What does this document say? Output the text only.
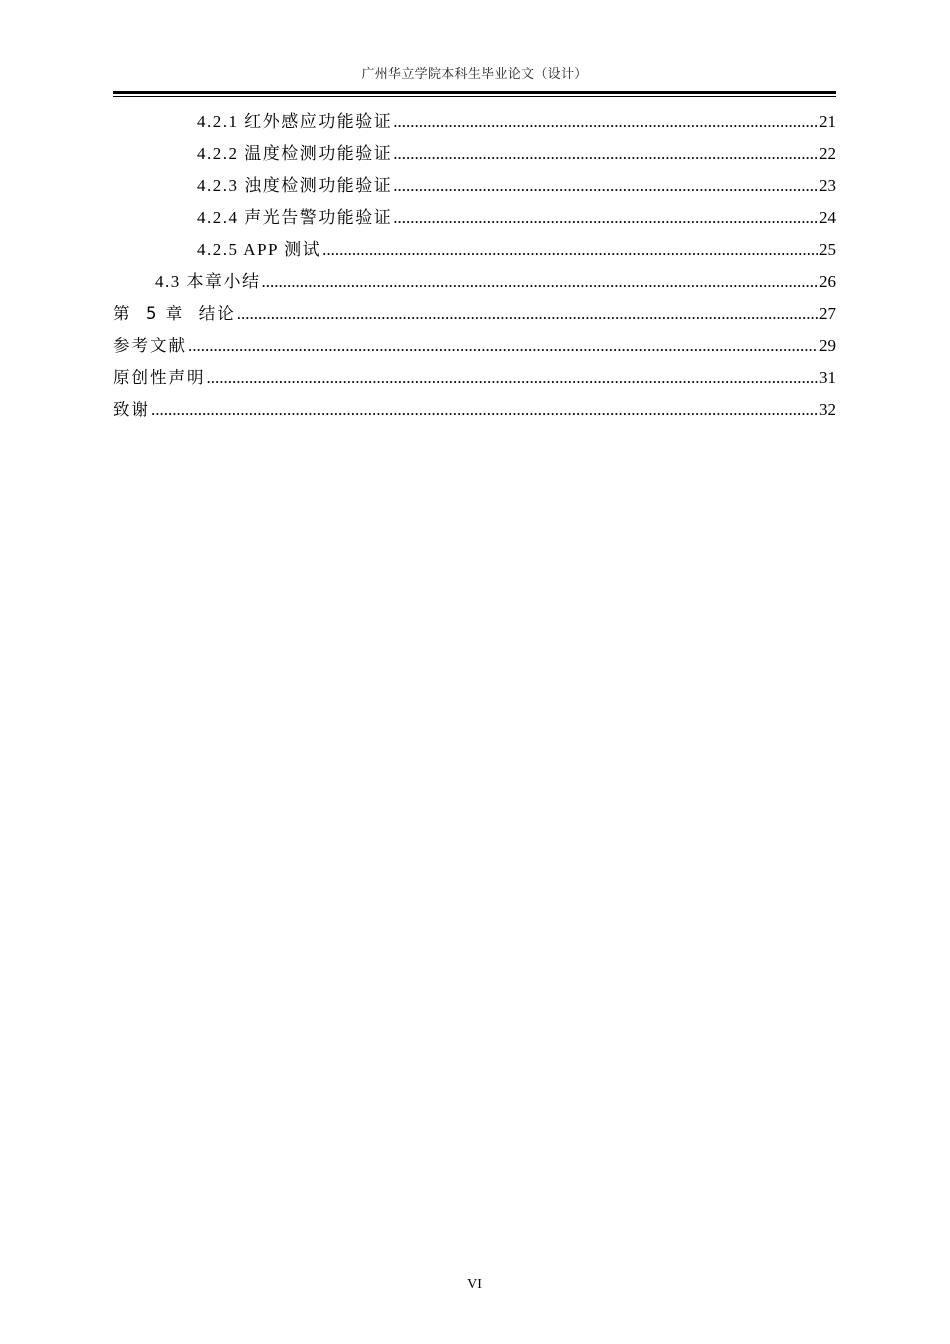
广州华立学院本科生毕业论文（设计）
4.2.1 红外感应功能验证 .....	21
4.2.2 温度检测功能验证 .....	22
4.2.3 浊度检测功能验证 .....	23
4.2.4 声光告警功能验证 .....	24
4.2.5 APP 测试 .....	25
4.3 本章小结 .....	26
第  5 章  结论 .....	27
参考文献 .....	29
原创性声明 .....	31
致谢 .....	32
VI
